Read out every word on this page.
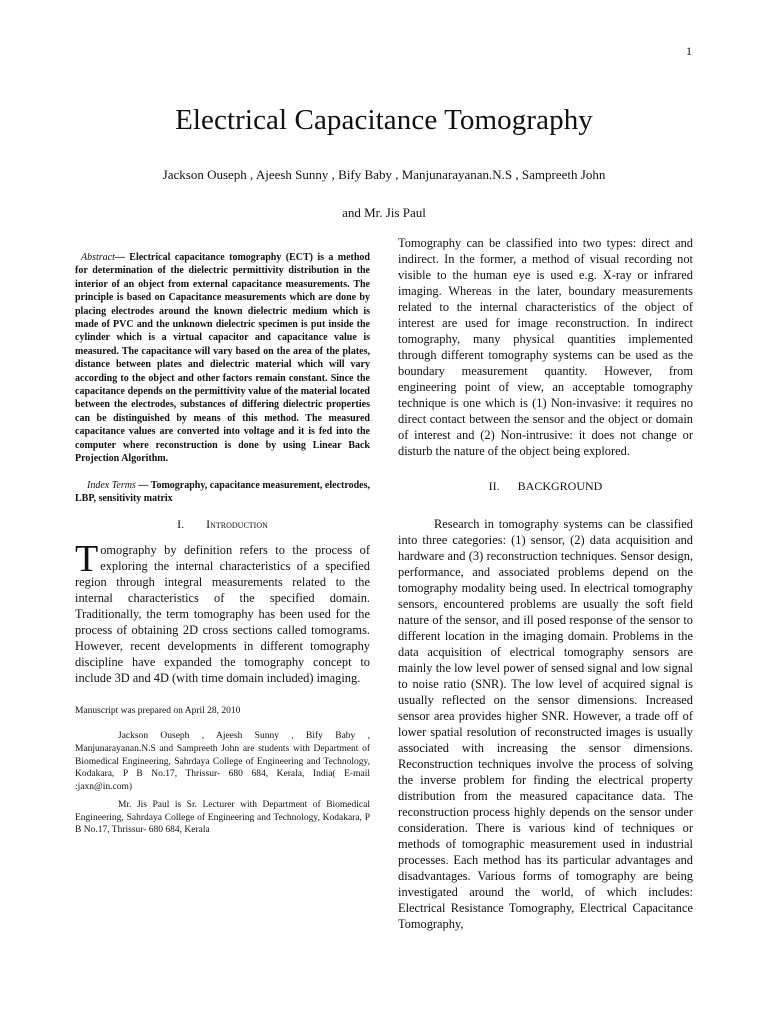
1
Electrical Capacitance Tomography
Jackson Ouseph , Ajeesh Sunny , Bify Baby , Manjunarayanan.N.S , Sampreeth John
and Mr. Jis Paul

Abstract— Electrical capacitance tomography (ECT) is a method for determination of the dielectric permittivity distribution in the interior of an object from external capacitance measurements. The principle is based on Capacitance measurements which are done by placing electrodes around the known dielectric medium which is made of PVC and the unknown dielectric specimen is put inside the cylinder which is a virtual capacitor and capacitance value is measured. The capacitance will vary based on the area of the plates, distance between plates and dielectric material which will vary according to the object and other factors remain constant. Since the capacitance depends on the permittivity value of the material located between the electrodes, substances of differing dielectric properties can be distinguished by means of this method. The measured capacitance values are converted into voltage and it is fed into the computer where reconstruction is done by using Linear Back Projection Algorithm.

Index Terms — Tomography, capacitance measurement, electrodes, LBP, sensitivity matrix

I. Introduction

Tomography by definition refers to the process of exploring the internal characteristics of a specified region through integral measurements related to the internal characteristics of the specified domain. Traditionally, the term tomography has been used for the process of obtaining 2D cross sections called tomograms. However, recent developments in different tomography discipline have expanded the tomography concept to include 3D and 4D (with time domain included) imaging.

Manuscript was prepared on April 28, 2010

Jackson Ouseph , Ajeesh Sunny , Bify Baby , Manjunarayanan.N.S and Sampreeth John are students with Department of Biomedical Engineering, Sahrdaya College of Engineering and Technology, Kodakara, P B No.17, Thrissur- 680 684, Kerala, India( E-mail :jaxn@in.com)

Mr. Jis Paul is Sr. Lecturer with Department of Biomedical Engineering, Sahrdaya College of Engineering and Technology, Kodakara, P B No.17, Thrissur- 680 684, Kerala

Tomography can be classified into two types: direct and indirect. In the former, a method of visual recording not visible to the human eye is used e.g. X-ray or infrared imaging. Whereas in the later, boundary measurements related to the internal characteristics of the object of interest are used for image reconstruction. In indirect tomography, many physical quantities implemented through different tomography systems can be used as the boundary measurement quantity. However, from engineering point of view, an acceptable tomography technique is one which is (1) Non-invasive: it requires no direct contact between the sensor and the object or domain of interest and (2) Non-intrusive: it does not change or disturb the nature of the object being explored.

II. BACKGROUND

Research in tomography systems can be classified into three categories: (1) sensor, (2) data acquisition and hardware and (3) reconstruction techniques. Sensor design, performance, and associated problems depend on the tomography modality being used. In electrical tomography sensors, encountered problems are usually the soft field nature of the sensor, and ill posed response of the sensor to different location in the imaging domain. Problems in the data acquisition of electrical tomography sensors are mainly the low level power of sensed signal and low signal to noise ratio (SNR). The low level of acquired signal is usually reflected on the sensor dimensions. Increased sensor area provides higher SNR. However, a trade off of lower spatial resolution of reconstructed images is usually associated with increasing the sensor dimensions. Reconstruction techniques involve the process of solving the inverse problem for finding the electrical property distribution from the measured capacitance data. The reconstruction process highly depends on the sensor under consideration. There is various kind of techniques or methods of tomographic measurement used in industrial processes. Each method has its particular advantages and disadvantages. Various forms of tomography are being investigated around the world, of which includes: Electrical Resistance Tomography, Electrical Capacitance Tomography,
